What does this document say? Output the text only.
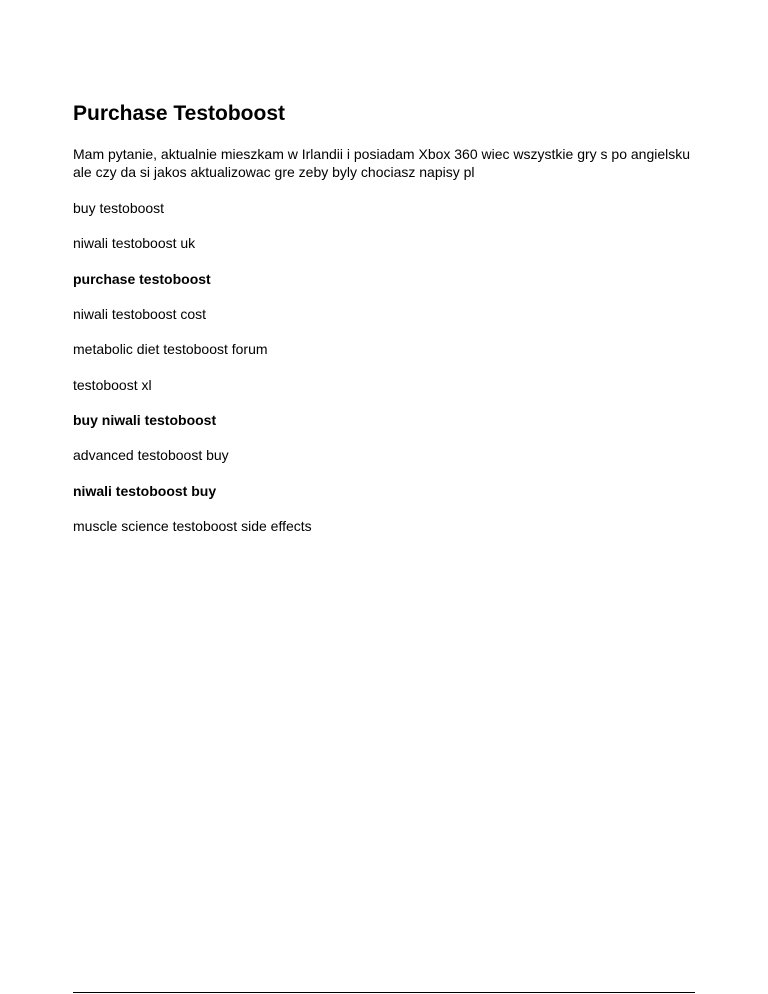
Purchase Testoboost

Mam pytanie, aktualnie mieszkam w Irlandii i posiadam Xbox 360 wiec wszystkie gry s po angielsku ale czy da si jakos aktualizowac gre zeby byly chociasz napisy pl

buy testoboost

niwali testoboost uk

purchase testoboost

niwali testoboost cost

metabolic diet testoboost forum

testoboost xl

buy niwali testoboost

advanced testoboost buy

niwali testoboost buy

muscle science testoboost side effects
